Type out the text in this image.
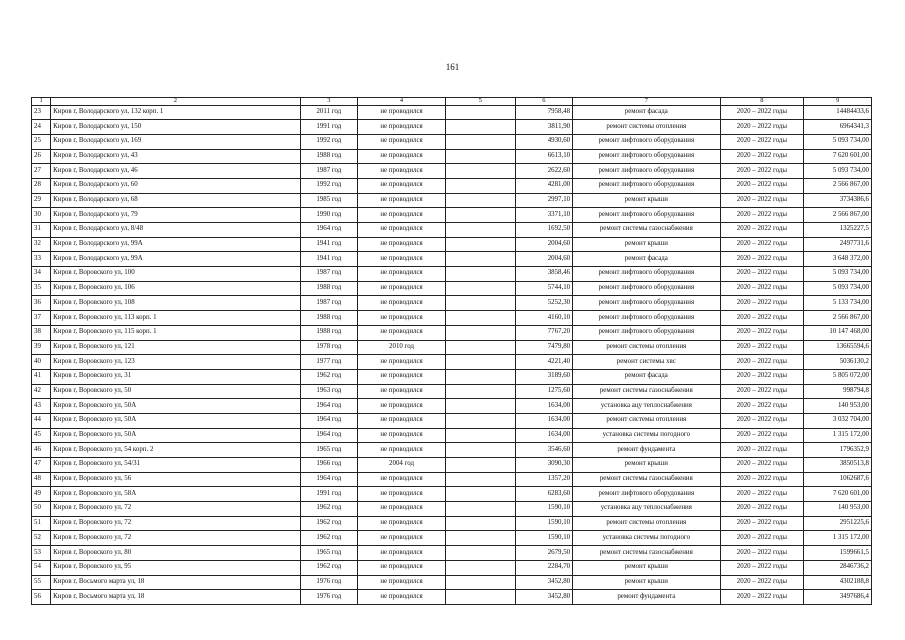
161
1	2	3	4	5	6	7	8	9
23	Киров г, Володарского ул, 132 корп. 1	2011 год	не проводился		7958,48	ремонт фасада	2020 – 2022 годы	14484433,6
24	Киров г, Володарского ул, 150	1991 год	не проводился		3811,90	ремонт системы отопления	2020 – 2022 годы	6964341,3
25	Киров г, Володарского ул, 169	1992 год	не проводился		4930,60	ремонт лифтового оборудования	2020 – 2022 годы	5 093 734,00
26	Киров г, Володарского ул, 43	1988 год	не проводился		6613,10	ремонт лифтового оборудования	2020 – 2022 годы	7 620 601,00
27	Киров г, Володарского ул, 46	1987 год	не проводился		2622,60	ремонт лифтового оборудования	2020 – 2022 годы	5 093 734,00
28	Киров г, Володарского ул, 60	1992 год	не проводился		4281,00	ремонт лифтового оборудования	2020 – 2022 годы	2 566 867,00
29	Киров г, Володарского ул, 68	1985 год	не проводился		2997,10	ремонт крыши	2020 – 2022 годы	3734386,6
30	Киров г, Володарского ул, 79	1990 год	не проводился		3371,10	ремонт лифтового оборудования	2020 – 2022 годы	2 566 867,00
31	Киров г, Володарского ул, 8/48	1964 год	не проводился		1692,50	ремонт системы газоснабжения	2020 – 2022 годы	1325227,5
32	Киров г, Володарского ул, 99А	1941 год	не проводился		2004,60	ремонт крыши	2020 – 2022 годы	2497731,6
33	Киров г, Володарского ул, 99А	1941 год	не проводился		2004,60	ремонт фасада	2020 – 2022 годы	3 648 372,00
34	Киров г, Воровского ул, 100	1987 год	не проводился		3858,46	ремонт лифтового оборудования	2020 – 2022 годы	5 093 734,00
35	Киров г, Воровского ул, 106	1988 год	не проводился		5744,10	ремонт лифтового оборудования	2020 – 2022 годы	5 093 734,00
36	Киров г, Воровского ул, 108	1987 год	не проводился		5252,30	ремонт лифтового оборудования	2020 – 2022 годы	5 133 734,00
37	Киров г, Воровского ул, 113 корп. 1	1988 год	не проводился		4160,10	ремонт лифтового оборудования	2020 – 2022 годы	2 566 867,00
38	Киров г, Воровского ул, 115 корп. 1	1988 год	не проводился		7767,20	ремонт лифтового оборудования	2020 – 2022 годы	10 147 468,00
39	Киров г, Воровского ул, 121	1978 год	2010 год		7479,80	ремонт системы отопления	2020 – 2022 годы	13665594,6
40	Киров г, Воровского ул, 123	1977 год	не проводился		4221,40	ремонт системы хвс	2020 – 2022 годы	5036130,2
41	Киров г, Воровского ул, 31	1962 год	не проводился		3189,60	ремонт фасада	2020 – 2022 годы	5 805 072,00
42	Киров г, Воровского ул, 50	1963 год	не проводился		1275,60	ремонт системы газоснабжения	2020 – 2022 годы	998794,8
43	Киров г, Воровского ул, 50А	1964 год	не проводился		1634,00	установка ацу теплоснабжения	2020 – 2022 годы	140 953,00
44	Киров г, Воровского ул, 50А	1964 год	не проводился		1634,00	ремонт системы отопления	2020 – 2022 годы	3 032 704,00
45	Киров г, Воровского ул, 50А	1964 год	не проводился		1634,00	установка системы погодного	2020 – 2022 годы	1 315 172,00
46	Киров г, Воровского ул, 54 корп. 2	1965 год	не проводился		3546,60	ремонт фундамента	2020 – 2022 годы	1796352,9
47	Киров г, Воровского ул, 54/31	1966 год	2004 год		3090,30	ремонт крыши	2020 – 2022 годы	3850513,8
48	Киров г, Воровского ул, 56	1964 год	не проводился		1357,20	ремонт системы газоснабжения	2020 – 2022 годы	1062687,6
49	Киров г, Воровского ул, 58А	1991 год	не проводился		6283,60	ремонт лифтового оборудования	2020 – 2022 годы	7 620 601,00
50	Киров г, Воровского ул, 72	1962 год	не проводился		1590,10	установка ацу теплоснабжения	2020 – 2022 годы	140 953,00
51	Киров г, Воровского ул, 72	1962 год	не проводился		1590,10	ремонт системы отопления	2020 – 2022 годы	2951225,6
52	Киров г, Воровского ул, 72	1962 год	не проводился		1590,10	установка системы погодного	2020 – 2022 годы	1 315 172,00
53	Киров г, Воровского ул, 80	1965 год	не проводился		2679,50	ремонт системы газоснабжения	2020 – 2022 годы	1599661,5
54	Киров г, Воровского ул, 95	1962 год	не проводился		2284,70	ремонт крыши	2020 – 2022 годы	2846736,2
55	Киров г, Восьмого марта ул, 18	1976 год	не проводился		3452,80	ремонт крыши	2020 – 2022 годы	4302188,8
56	Киров г, Восьмого марта ул, 18	1976 год	не проводился		3452,80	ремонт фундамента	2020 – 2022 годы	3497686,4
